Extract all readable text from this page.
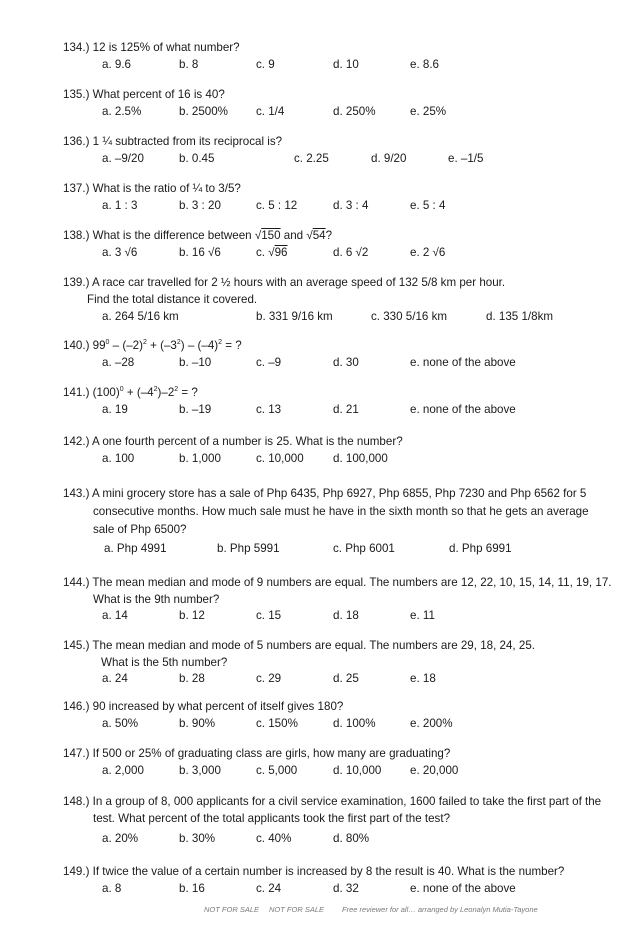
134.) 12 is 125% of what number?
a. 9.6	b. 8	c. 9	d. 10	e. 8.6
135.) What percent of 16 is 40?
a. 2.5%	b. 2500% c. 1/4	d. 250%	e. 25%
136.) 1 ¼ subtracted from its reciprocal is?
a. –9/20	b. 0.45	c. 2.25	d. 9/20	e. –1/5
137.) What is the ratio of ¼ to 3/5?
a. 1 : 3	b. 3 : 20	c. 5 : 12	d. 3 : 4	e. 5 : 4
138.) What is the difference between √150 and √54?
a. 3 √6	b. 16 √6	c. √96	d. 6 √2	e. 2 √6
139.) A race car travelled for 2 ½ hours with an average speed of 132 5/8 km per hour.
Find the total distance it covered.
a. 264 5/16 km	b. 331 9/16 km	c. 330 5/16 km	d. 135 1/8km
140.) $99^0 - (-2)^2 + (-3^2) - (-4)^2$ = ?
a. –28	b. –10	c. –9	d. 30	e. none of the above
141.) $(100)^0 + (-4^2)-2^2$ = ?
a. 19	b. –19	c. 13	d. 21	e. none of the above
142.) A one fourth percent of a number is 25. What is the number?
a. 100	b. 1,000	c. 10,000	d. 100,000
143.) A mini grocery store has a sale of Php 6435, Php 6927, Php 6855, Php 7230 and Php 6562 for 5
consecutive months. How much sale must he have in the sixth month so that he gets an average
sale of Php 6500?
a. Php 4991	b. Php 5991	c. Php 6001	d. Php 6991
144.) The mean median and mode of 9 numbers are equal. The numbers are 12, 22, 10, 15, 14, 11, 19, 17.
What is the 9th number?
a. 14	b. 12	c. 15	d. 18	e. 11
145.) The mean median and mode of 5 numbers are equal. The numbers are 29, 18, 24, 25.
What is the 5th number?
a. 24	b. 28	c. 29	d. 25	e. 18
146.) 90 increased by what percent of itself gives 180?
a. 50%	b. 90%	c. 150%	d. 100%	e. 200%
147.) If 500 or 25% of graduating class are girls, how many are graduating?
a. 2,000	b. 3,000	c. 5,000	d. 10,000 e. 20,000
148.) In a group of 8, 000 applicants for a civil service examination, 1600 failed to take the first part of the
test. What percent of the total applicants took the first part of the test?
a. 20%	b. 30%	c. 40%	d. 80%
149.) If twice the value of a certain number is increased by 8 the result is 40. What is the number?
a. 8	b. 16	c. 24	d. 32	e. none of the above
NOT FOR SALE NOT FOR SALE Free reviewer for all… arranged by Leonalyn Mutia-Tayone
